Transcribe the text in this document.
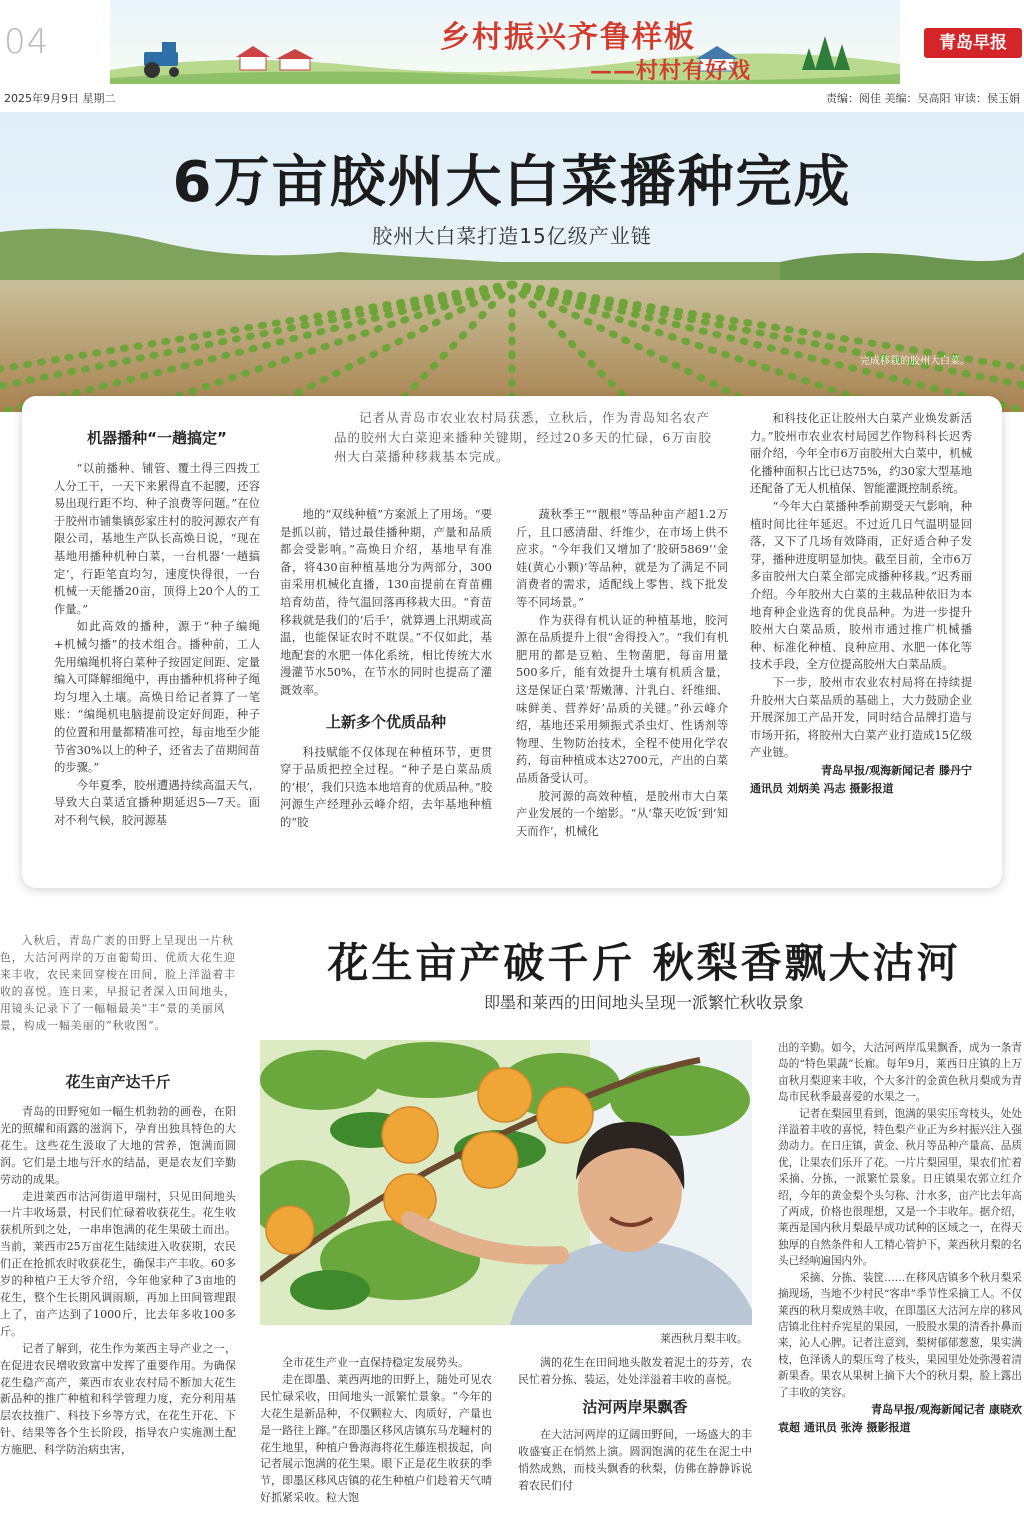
04	乡村振兴齐鲁样板
——村村有好戏
青岛早报
2025年9月9日 星期二	责编：阅佳 美编：吴高阳 审读：侯玉娟
6万亩胶州大白菜播种完成
胶州大白菜打造15亿级产业链
完成移栽的胶州大白菜。
记者从青岛市农业农村局获悉，立秋后，作为青岛知名农产品的胶州大白菜迎来播种关键期，经过20多天的忙碌，6万亩胶州大白菜播种移栽基本完成。
机器播种“一趟搞定”

“以前播种、铺管、覆土得三四拨工人分工干，一天下来累得直不起腰，还容易出现行距不均、种子浪费等问题。”在位于胶州市铺集镇彭家庄村的胶河源农产有限公司，基地生产队长高焕日说，“现在基地用播种机种白菜，一台机器‘一趟搞定’，行距笔直均匀，速度快得很，一台机械一天能播20亩，顶得上20个人的工作量。”

如此高效的播种，源于“种子编绳+机械匀播”的技术组合。播种前，工人先用编绳机将白菜种子按固定间距、定量编入可降解细绳中，再由播种机将种子绳均匀埋入土壤。高焕日给记者算了一笔账：“编绳机电脑提前设定好间距，种子的位置和用量都精准可控，每亩地至少能节省30%以上的种子，还省去了苗期间苗的步骤。”

今年夏季，胶州遭遇持续高温天气，导致大白菜适宜播种期延迟5—7天。面对不利气候，胶河源基

地的“双线种植”方案派上了用场。“要是抓以前，错过最佳播种期，产量和品质都会受影响。”高焕日介绍，基地早有准备，将430亩种植基地分为两部分，300亩采用机械化直播，130亩提前在育苗棚培育幼苗，待气温回落再移栽大田。“育苗移栽就是我们的‘后手’，就算遇上汛期或高温，也能保证农时不耽误。”不仅如此，基地配套的水肥一体化系统，相比传统大水漫灌节水50%，在节水的同时也提高了灌溉效率。

上新多个优质品种

科技赋能不仅体现在种植环节，更贯穿于品质把控全过程。“种子是白菜品质的‘根’，我们只选本地培育的优质品种。”胶河源生产经理孙云峰介绍，去年基地种植的“胶

蔬秋季王”“靓根”等品种亩产超1.2万斤，且口感清甜、纤维少，在市场上供不应求。“今年我们又增加了‘胶研5869’‘金娃(黄心小颗)’等品种，就是为了满足不同消费者的需求，适配线上零售、线下批发等不同场景。”

作为获得有机认证的种植基地，胶河源在品质提升上很“舍得投入”。“我们有机肥用的都是豆粕、生物菌肥，每亩用量500多斤，能有效提升土壤有机质含量，这是保证白菜‘帮嫩薄、汁乳白、纤维细、味鲜美、营养好’品质的关键。”孙云峰介绍，基地还采用频振式杀虫灯、性诱剂等物理、生物防治技术，全程不使用化学农药，每亩种植成本达2700元，产出的白菜品质备受认可。

胶河源的高效种植，是胶州市大白菜产业发展的一个缩影。“从‘靠天吃饭’到‘知天而作’，机械化

和科技化正让胶州大白菜产业焕发新活力。”胶州市农业农村局园艺作物科科长迟秀丽介绍，今年全市6万亩胶州大白菜中，机械化播种面积占比已达75%，约30家大型基地还配备了无人机植保、智能灌溉控制系统。

“今年大白菜播种季前期受天气影响，种植时间比往年延迟。不过近几日气温明显回落，又下了几场有效降雨，正好适合种子发芽，播种进度明显加快。截至目前，全市6万多亩胶州大白菜全部完成播种移栽。”迟秀丽介绍。今年胶州大白菜的主栽品种依旧为本地育种企业选育的优良品种。为进一步提升胶州大白菜品质，胶州市通过推广机械播种、标准化种植、良种应用、水肥一体化等技术手段，全方位提高胶州大白菜品质。

下一步，胶州市农业农村局将在持续提升胶州大白菜品质的基础上，大力鼓励企业开展深加工产品开发，同时结合品牌打造与市场开拓，将胶州大白菜产业打造成15亿级产业链。

青岛早报/观海新闻记者 滕丹宁
通讯员 刘炳美 冯志 摄影报道
入秋后，青岛广袤的田野上呈现出一片秋色，大沽河两岸的万亩葡萄田、优质大花生迎来丰收，农民来回穿梭在田间，脸上洋溢着丰收的喜悦。连日来，早报记者深入田间地头，用镜头记录下了一幅幅最美“丰”景的美丽风景，构成一幅美丽的“秋收图”。
花生亩产破千斤 秋梨香飘大沽河
即墨和莱西的田间地头呈现一派繁忙秋收景象
花生亩产达千斤

青岛的田野宛如一幅生机勃勃的画卷，在阳光的照耀和雨露的滋润下，孕育出独具特色的大花生。这些花生汲取了大地的营养，饱满而圆润。它们是土地与汗水的结晶，更是农友们辛勤劳动的成果。

走进莱西市沽河街道甲瑞村，只见田间地头一片丰收场景，村民们忙碌着收获花生。花生收获机所到之处，一串串饱满的花生果破土而出。当前，莱西市25万亩花生陆续进入收获期，农民们正在抢抓农时收获花生，确保丰产丰收。60多岁的种植户王大爷介绍，今年他家种了3亩地的花生，整个生长期风调雨顺，再加上田间管理跟上了，亩产达到了1000斤，比去年多收100多斤。

记者了解到，花生作为莱西主导产业之一，在促进农民增收致富中发挥了重要作用。为确保花生稳产高产，莱西市农业农村局不断加大花生新品种的推广种植和科学管理力度，充分利用基层农技推广、科技下乡等方式，在花生开花、下针、结果等各个生长阶段，指导农户实施测土配方施肥、科学防治病虫害，

莱西秋月梨丰收。

全市花生产业一直保持稳定发展势头。

走在即墨、莱西两地的田野上，随处可见农民忙碌采收，田间地头一派繁忙景象。“今年的大花生是新品种，不仅颗粒大、肉质好，产量也是一路往上蹿。”在即墨区移风店镇东马龙疃村的花生地里，种植户鲁海海将花生藤连根拔起，向记者展示饱满的花生果。眼下正是花生收获的季节，即墨区移风店镇的花生种植户们趁着天气晴好抓紧采收。粒大饱

满的花生在田间地头散发着泥土的芬芳，农民忙着分拣、装运，处处洋溢着丰收的喜悦。

沽河两岸果飘香

在大沽河两岸的辽阔田野间，一场盛大的丰收盛宴正在悄然上演。圆润饱满的花生在泥土中悄然成熟，而枝头飘香的秋梨，仿佛在静静诉说着农民们付

出的辛勤。如今，大沽河两岸瓜果飘香，成为一条青岛的“特色果蔬”长廊。每年9月，莱西日庄镇的上万亩秋月梨迎来丰收，个大多汁的金黄色秋月梨成为青岛市民秋季最喜爱的水果之一。

记者在梨园里看到，饱满的果实压弯枝头，处处洋溢着丰收的喜悦，特色梨产业正为乡村振兴注入强劲动力。在日庄镇，黄金、秋月等品种产量高、品质优，让果农们乐开了花。一片片梨园里，果农们忙着采摘、分拣，一派繁忙景象。日庄镇果农郭立红介绍，今年的黄金梨个头匀称、汁水多，亩产比去年高了两成，价格也很理想，又是一个丰收年。据介绍，莱西是国内秋月梨最早成功试种的区域之一，在得天独厚的自然条件和人工精心管护下，莱西秋月梨的名头已经响遍国内外。

采摘、分拣、装筐……在移风店镇多个秋月梨采摘现场，当地不少村民“客串”季节性采摘工人。不仅莱西的秋月梨成熟丰收，在即墨区大沽河左岸的移风店镇北住村乔宪星的果园，一股股水果的清香扑鼻而来，沁人心脾。记者注意到，梨树郁郁葱葱，果实满枝，色泽诱人的梨压弯了枝头，果园里处处弥漫着清新果香。果农从果树上摘下大个的秋月梨，脸上露出了丰收的笑容。

青岛早报/观海新闻记者 康晓欢
袁超 通讯员 张涛 摄影报道
